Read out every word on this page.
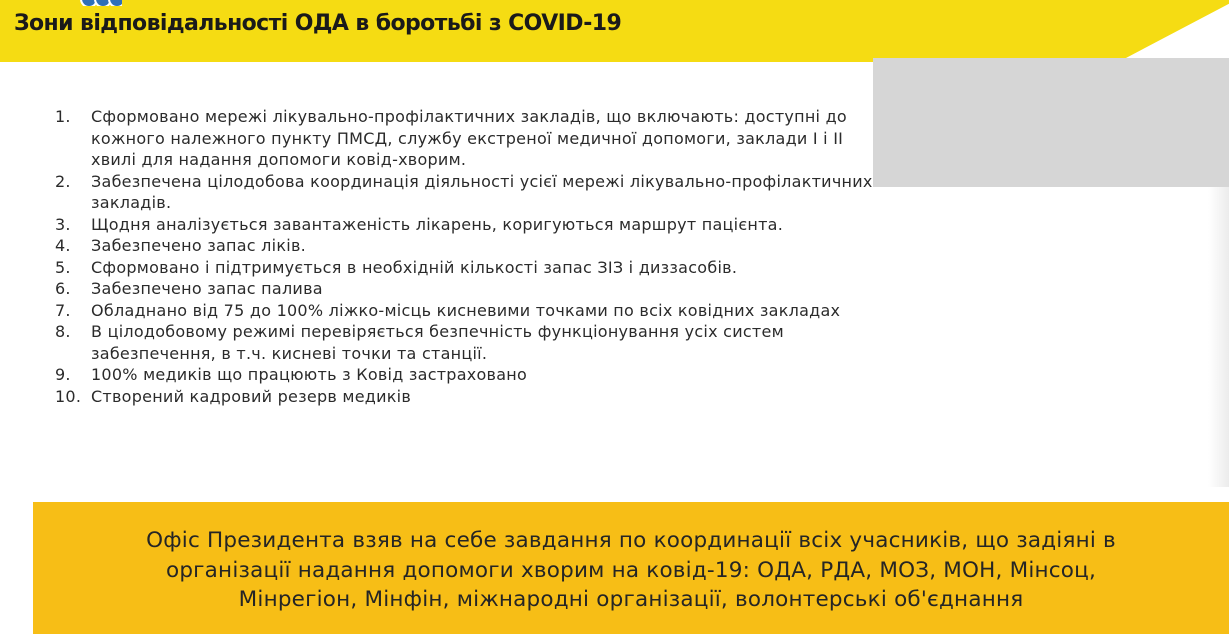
Зони відповідальності ОДА в боротьбі з COVID-19
1.	Сформовано мережі лікувально-профілактичних закладів, що включають: доступні до кожного належного пункту ПМСД, службу екстреної медичної допомоги, заклади І і ІІ хвилі для надання допомоги ковід-хворим.
2.	Забезпечена цілодобова координація діяльності усієї мережі лікувально-профілактичних закладів.
3.	Щодня аналізується завантаженість лікарень, коригуються маршрут пацієнта.
4.	Забезпечено запас ліків.
5.	Сформовано і підтримується в необхідній кількості запас ЗІЗ і диззасобів.
6.	Забезпечено запас палива
7.	Обладнано від 75 до 100% ліжко-місць кисневими точками по всіх ковідних закладах
8.	В цілодобовому режимі перевіряється безпечність функціонування усіх систем забезпечення, в т.ч. кисневі точки та станції.
9.	100% медиків що працюють з Ковід застраховано
10. Створений кадровий резерв медиків

Офіс Президента взяв на себе завдання по координації всіх учасників, що задіяні в
організації надання допомоги хворим на ковід-19: ОДА, РДА, МОЗ, МОН, Мінсоц,
Мінрегіон, Мінфін, міжнародні організації, волонтерські об'єднання
